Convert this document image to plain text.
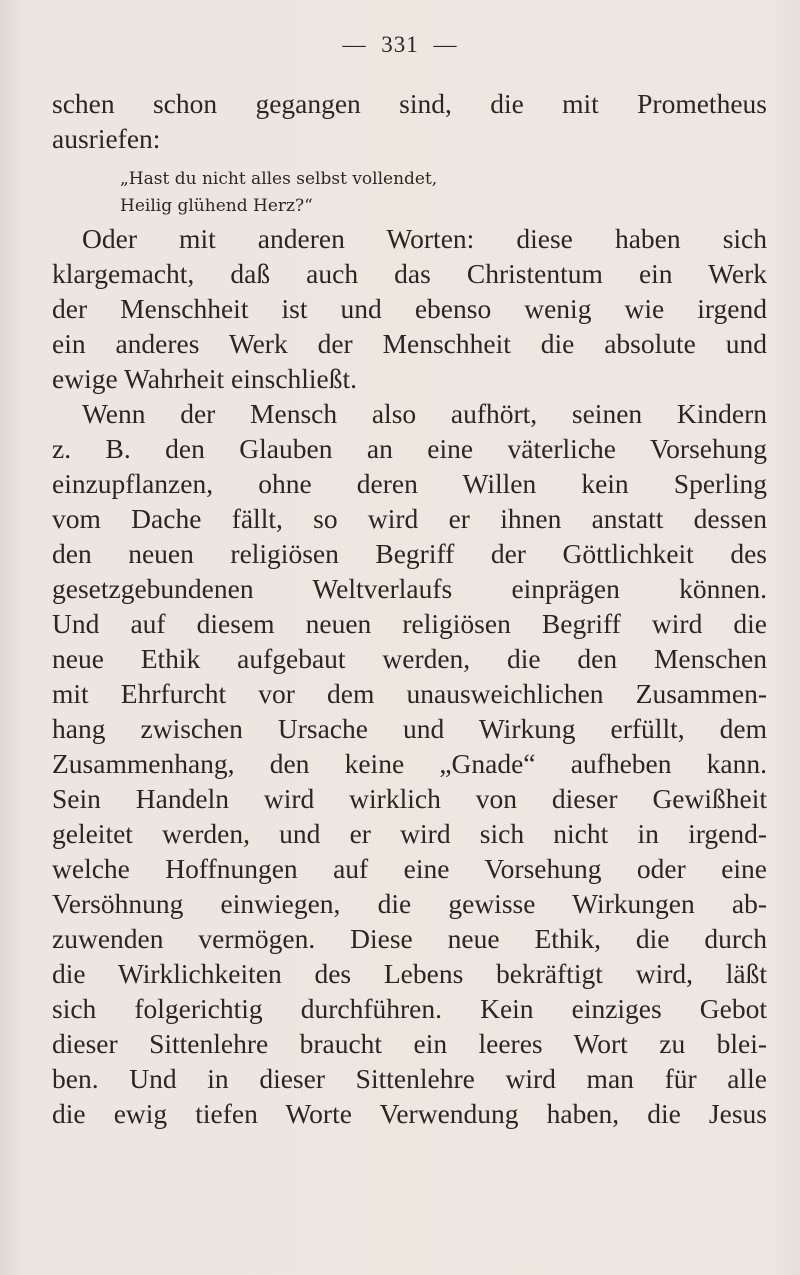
— 331 —
schen schon gegangen sind, die mit Prometheus
ausriefen:
„Hast du nicht alles selbst vollendet,
Heilig glühend Herz?“
Oder mit anderen Worten: diese haben sich
klargemacht, daß auch das Christentum ein Werk
der Menschheit ist und ebenso wenig wie irgend
ein anderes Werk der Menschheit die absolute und
ewige Wahrheit einschließt.
Wenn der Mensch also aufhört, seinen Kindern
z. B. den Glauben an eine väterliche Vorsehung
einzupflanzen, ohne deren Willen kein Sperling
vom Dache fällt, so wird er ihnen anstatt dessen
den neuen religiösen Begriff der Göttlichkeit des
gesetzgebundenen Weltverlaufs einprägen können.
Und auf diesem neuen religiösen Begriff wird die
neue Ethik aufgebaut werden, die den Menschen
mit Ehrfurcht vor dem unausweichlichen Zusammen-
hang zwischen Ursache und Wirkung erfüllt, dem
Zusammenhang, den keine „Gnade“ aufheben kann.
Sein Handeln wird wirklich von dieser Gewißheit
geleitet werden, und er wird sich nicht in irgend-
welche Hoffnungen auf eine Vorsehung oder eine
Versöhnung einwiegen, die gewisse Wirkungen ab-
zuwenden vermögen. Diese neue Ethik, die durch
die Wirklichkeiten des Lebens bekräftigt wird, läßt
sich folgerichtig durchführen. Kein einziges Gebot
dieser Sittenlehre braucht ein leeres Wort zu blei-
ben. Und in dieser Sittenlehre wird man für alle
die ewig tiefen Worte Verwendung haben, die Jesus
